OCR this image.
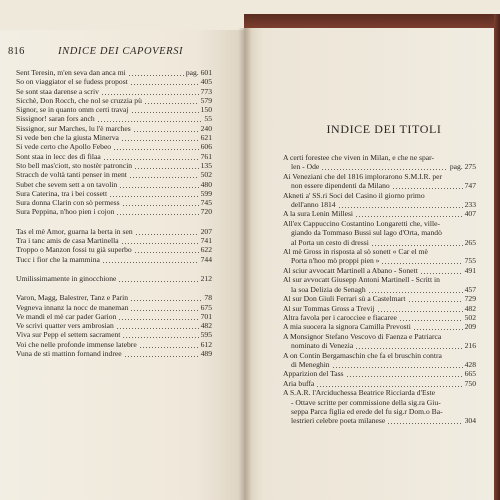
816	INDICE DEI CAPOVERSI
Sent Teresin, m'en seva dan anca mi	pag. 601
So on viaggiator el se fudess propost	405
Se sont staa darense a scriv	773
Sicchè, Don Rocch, che nol se cruzzia pù	579
Signor, se in quanto omm certi travaj	150
Sissignor! saran fors anch	55
Sissignor, sur Marches, lu l'è marches	240
Si vede ben che la giusta Minerva	621
Si vede certo che Apollo Febeo	606
Sont staa in lecc des dì filaa	761
Sto bell mas'ciott, sto nostèr patroncin	135
Stracch de voltà tanti penser in ment	502
Subet che sevem sett a on tavolin	480
Sura Caterina, tra i bei cossett	599
Sura donna Clarin con sò permess	745
Sura Peppina, n'hoo pien i cojon	720
Tas el mè Amor, guarna la berta in sen	207
Tra i tanc amis de casa Martinella	741
Troppo o Manzon fossi tu già superbo	622
Tucc i fior che la mammina	744
Umilissimamente in ginocchione	212
Varon, Magg, Balestrer, Tanz e Parin	78
Vegneva innanz la nocc de maneman	675
Ve mandi el mè car pader Garion	701
Ve scrivi quatter vers ambrosian	482
Viva sur Pepp el settem sacrament	595
Voi che nelle profonde immense latebre	612
Vuna de sti mattinn fornand indree	489
INDICE DEI TITOLI
A certi forestee che viven in Milan, e che ne spar-
len - Ode	pag. 275
Ai Veneziani che del 1816 implorarono S.M.I.R. per
non essere dipendenti da Milano	747
Akneti a' SS.ri Soci del Casino il giorno primo
dell'anno 1814	233
A la sura Lenin Millesi	407
All'ex Cappuccino Costantino Longaretti che, ville-
giando da Tommaso Bussi sul lago d'Orta, mandò
al Porta un cesto di dressi	265
Al mè Gross in risposta al sò sonett « Car el mè
Porta n'hoo mò proppi pien »	755
Al sciur avvocatt Martinell a Abano - Sonett	491
Al sur avvocatt Giusepp Antoni Martinell - Scritt in
la soa Delizia de Senagh	457
Al sur Don Giuli Ferrari sù a Castelmart	729
Al sur Tommas Gross a Trevij	482
Altra favola per i carocciee e fiacaree	502
A mia suocera la signora Camilla Prevosti	209
A Monsignor Stefano Vescovo di Faenza e Patriarca
nominato di Venezia	216
A on Contin Bergamaschin che fa el bruschin contra
di Meneghin	428
Apparizion del Tass	665
Aria buffa	750
A S.A.R. l'Arciduchessa Beatrice Ricciarda d'Este
- Ottave scritte per commissione della sig.ra Giu-
seppa Parca figlia ed erede del fu sig.r Dom.o Ba-
lestrieri celebre poeta milanese	304
